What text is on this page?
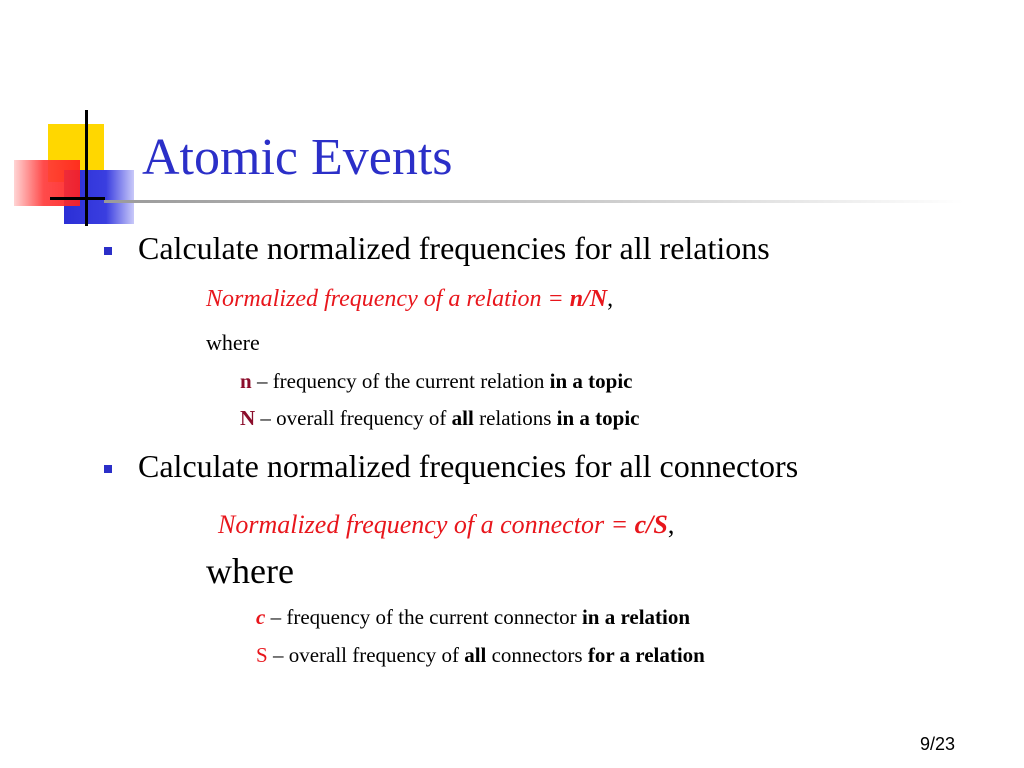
Atomic Events
Calculate normalized frequencies for all relations
Normalized frequency of a relation = n/N,
where
n – frequency of the current relation in a topic
N – overall frequency of all relations in a topic
Calculate normalized frequencies for all connectors
Normalized frequency of a connector = c/S,
where
c – frequency of the current connector in a relation
S – overall frequency of all connectors for a relation
9/23
